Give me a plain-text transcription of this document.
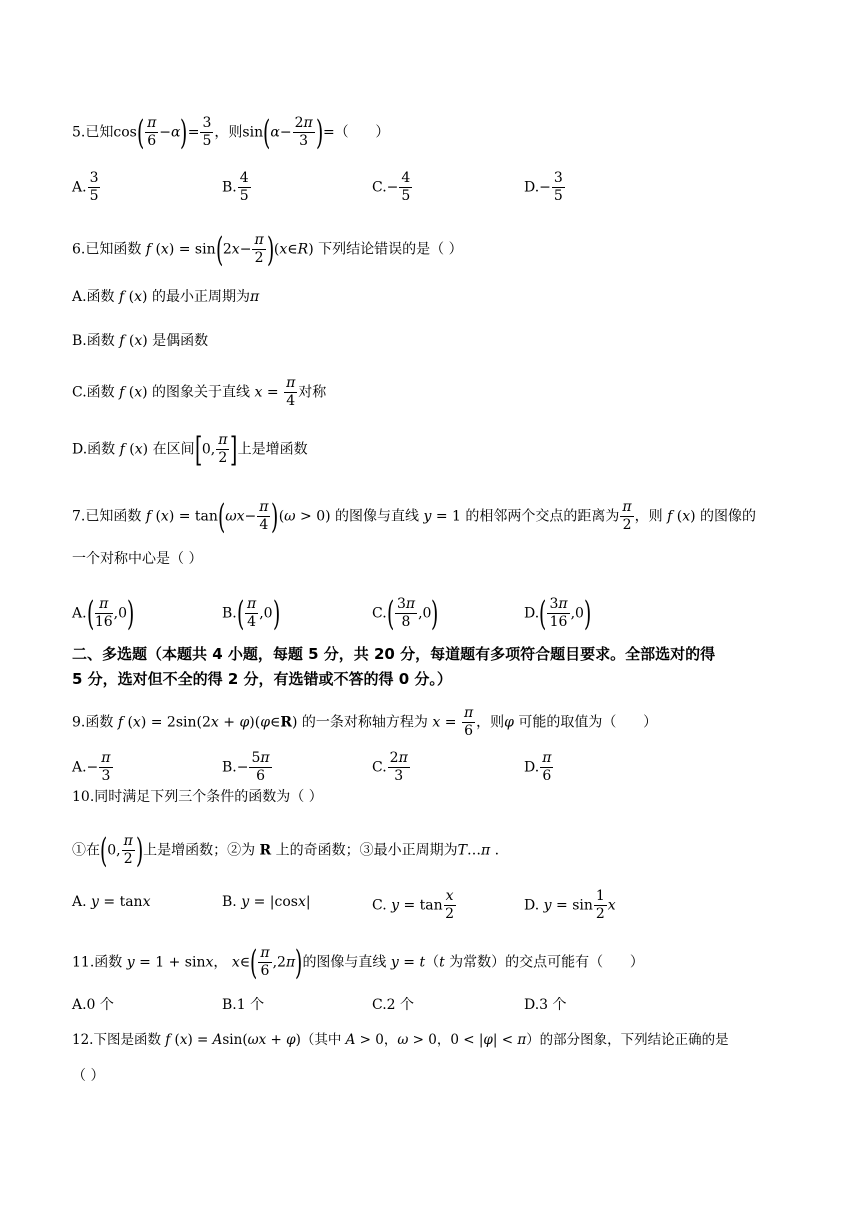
5.已知$\cos( \frac{\pi}{6} -\alpha)= \frac{3}{5}$ ，则$\sin(\alpha- \frac{2\pi}{3}$ )=（      ）
A. $\frac{3}{5}$	B. $\frac{4}{5}$	$C.- \frac{4}{5}$	$D.- \frac{3}{5}$
6.已知函数 f $(x) = \sin(2x- \frac{\pi}{2}$ )(x∈R) 下列结论错误的是（ ）
A.函数 f (x) 的最小正周期为π
B.函数 f (x) 是偶函数
C.函数 f (x) 的图象关于直线 $x = \frac{\pi}{4}$ 对称
D.函数 f (x) 在区间[0, $\frac{\pi}{2}$ ]上是增函数
7.已知函数 f $(x) = \tan(\omega x- \frac{\pi}{4} )(\omega > 0)$ 的图像与直线 y = 1 的相邻两个交点的距离为 $\frac{\pi}{2}$ ，则 f (x) 的图像的
一个对称中心是（ ）
$A.( \frac{\pi}{16} ,0)$	$B.( \frac{\pi}{4} ,0)$	$C.( \frac{3\pi}{8} ,0)$	$D.( \frac{3\pi}{16} ,0)$
二、多选题（本题共 4 小题，每题 5 分，共 20 分，每道题有多项符合题目要求。全部选对的得
5 分，选对但不全的得 2 分，有选错或不答的得 0 分。）
9.函数 f (x) = 2sin(2x + φ)(φ∈R) 的一条对称轴方程为 $x = \frac{\pi}{6}$ ，则φ 可能的取值为（      ）
$A.- \frac{\pi}{3}$	$B.- \frac{5\pi}{6}$	C. $\frac{2\pi}{3}$	D. $\frac{\pi}{6}$
10.同时满足下列三个条件的函数为（ ）
①在(0, $\frac{\pi}{2}$ )上是增函数；②为 R 上的奇函数；③最小正周期为T…π .
A. y = tanx	B. y = |cosx|	C. $y = \tan \frac{x}{2}$	D. $y = \sin \frac{1}{2}$ x
11.函数 y = 1 + sinx， x∈( $\frac{\pi}{6} ,2\pi$)的图像与直线 y = t（t 为常数）的交点可能有（      ）
A.0 个	B.1 个	C.2 个	D.3 个
12.下图是函数 f (x) = Asin(ωx + φ)（其中 A > 0，ω > 0，0 < |φ| < π）的部分图象，下列结论正确的是
（ ）
